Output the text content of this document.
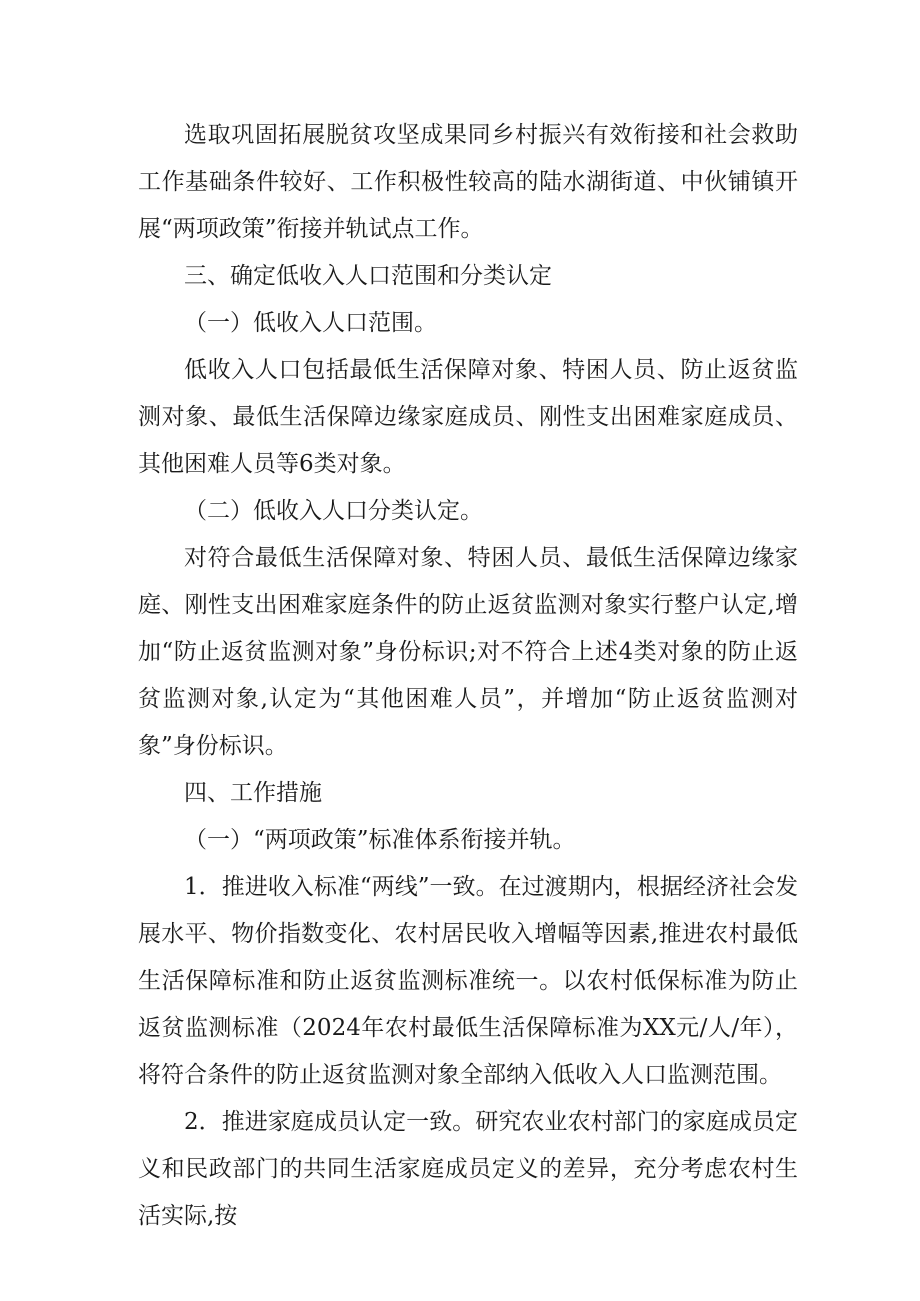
选取巩固拓展脱贫攻坚成果同乡村振兴有效衔接和社会救助工作基础条件较好、工作积极性较高的陆水湖街道、中伙铺镇开展“两项政策”衔接并轨试点工作。

三、确定低收入人口范围和分类认定

（一）低收入人口范围。

低收入人口包括最低生活保障对象、特困人员、防止返贫监测对象、最低生活保障边缘家庭成员、刚性支出困难家庭成员、其他困难人员等6类对象。

（二）低收入人口分类认定。

对符合最低生活保障对象、特困人员、最低生活保障边缘家庭、刚性支出困难家庭条件的防止返贫监测对象实行整户认定,增加“防止返贫监测对象”身份标识;对不符合上述4类对象的防止返贫监测对象,认定为“其他困难人员”，并增加“防止返贫监测对象”身份标识。

四、工作措施

（一）“两项政策”标准体系衔接并轨。

1．推进收入标准“两线”一致。在过渡期内，根据经济社会发展水平、物价指数变化、农村居民收入增幅等因素,推进农村最低生活保障标准和防止返贫监测标准统一。以农村低保标准为防止返贫监测标准（2024年农村最低生活保障标准为XX元/人/年），将符合条件的防止返贫监测对象全部纳入低收入人口监测范围。

2．推进家庭成员认定一致。研究农业农村部门的家庭成员定义和民政部门的共同生活家庭成员定义的差异，充分考虑农村生活实际,按
